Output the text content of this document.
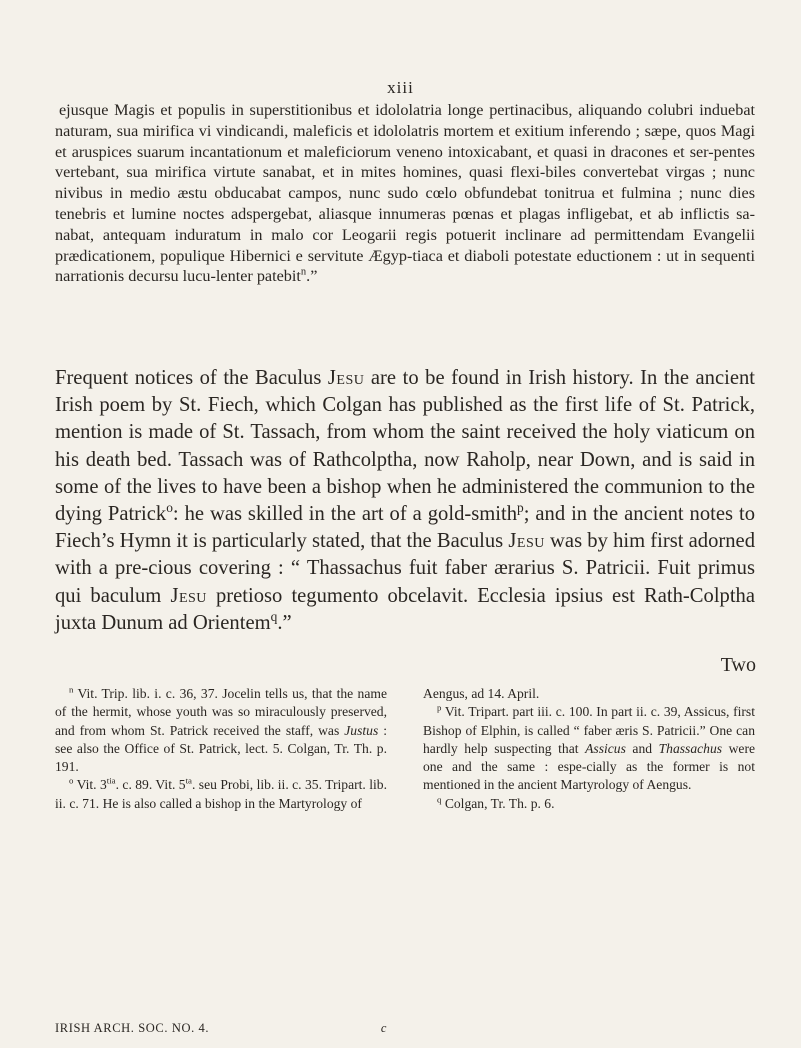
xiii

ejusque Magis et populis in superstitionibus et idololatria longe pertinacibus, aliquando colubri induebat naturam, sua mirifica vi vindicandi, maleficis et idololatris mortem et exitium inferendo ; sæpe, quos Magi et aruspices suarum incantationum et maleficiorum veneno intoxicabant, et quasi in dracones et ser-pentes vertebant, sua mirifica virtute sanabat, et in mites homines, quasi flexi-biles convertebat virgas ; nunc nivibus in medio æstu obducabat campos, nunc sudo cœlo obfundebat tonitrua et fulmina ; nunc dies tenebris et lumine noctes adspergebat, aliasque innumeras pœnas et plagas infligebat, et ab inflictis sa-nabat, antequam induratum in malo cor Leogarii regis potuerit inclinare ad permittendam Evangelii prædicationem, populique Hibernici e servitute Ægyp-tiaca et diaboli potestate eductionem : ut in sequenti narrationis decursu lucu-lenter patebit$^n$.”

Frequent notices of the Baculus Jesu are to be found in Irish history. In the ancient Irish poem by St. Fiech, which Colgan has published as the first life of St. Patrick, mention is made of St. Tassach, from whom the saint received the holy viaticum on his death bed. Tassach was of Rathcolptha, now Raholp, near Down, and is said in some of the lives to have been a bishop when he administered the communion to the dying Patrick$^o$: he was skilled in the art of a gold-smith$^p$; and in the ancient notes to Fiech’s Hymn it is particularly stated, that the Baculus Jesu was by him first adorned with a pre-cious covering : “ Thassachus fuit faber ærarius S. Patricii. Fuit primus qui baculum Jesu pretioso tegumento obcelavit. Ecclesia ipsius est Rath-Colptha juxta Dunum ad Orientem$^q$.”

Two

$^n$ Vit. Trip. lib. i. c. 36, 37. Jocelin tells us, that the name of the hermit, whose youth was so miraculously preserved, and from whom St. Patrick received the staff, was Justus : see also the Office of St. Patrick, lect. 5. Colgan, Tr. Th. p. 191.

$^o$ Vit. $3^{tia}$. c. 89. Vit. $5^{ta}$. seu Probi, lib. ii. c. 35. Tripart. lib. ii. c. 71. He is also called a bishop in the Martyrology of

Aengus, ad 14. April.

$^p$ Vit. Tripart. part iii. c. 100. In part ii. c. 39, Assicus, first Bishop of Elphin, is called “ faber æris S. Patricii.” One can hardly help suspecting that Assicus and Thassachus were one and the same : espe-cially as the former is not mentioned in the ancient Martyrology of Aengus.

$^q$ Colgan, Tr. Th. p. 6.

IRISH ARCH. SOC. NO. 4.	c
